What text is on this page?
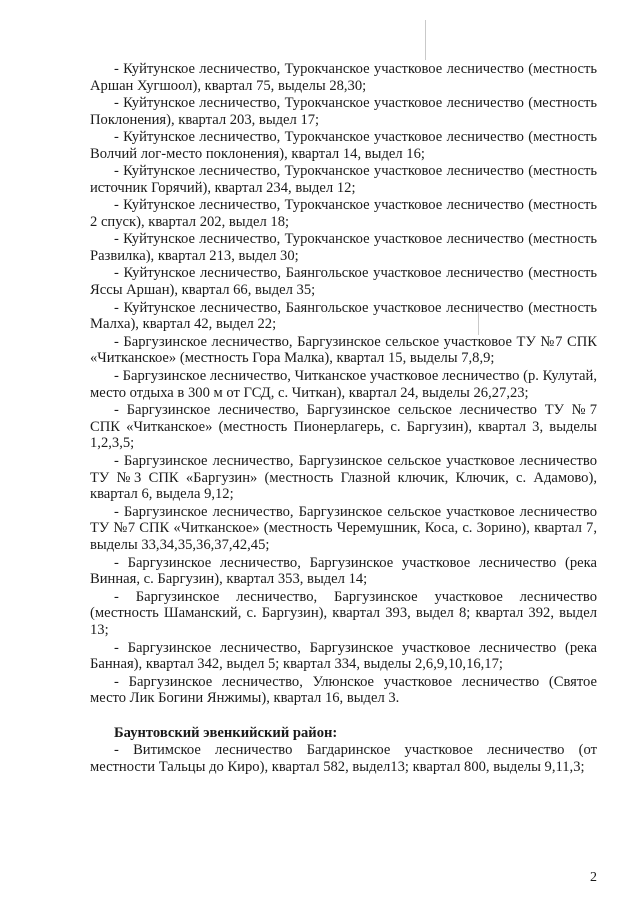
- Куйтунское лесничество, Турокчанское участковое лесничество (местность Аршан Хугшоол), квартал 75, выделы 28,30;

- Куйтунское лесничество, Турокчанское участковое лесничество (местность Поклонения), квартал 203, выдел 17;

- Куйтунское лесничество, Турокчанское участковое лесничество (местность Волчий лог-место поклонения), квартал 14, выдел 16;

- Куйтунское лесничество, Турокчанское участковое лесничество (местность источник Горячий), квартал 234, выдел 12;

- Куйтунское лесничество, Турокчанское участковое лесничество (местность 2 спуск), квартал 202, выдел 18;

- Куйтунское лесничество, Турокчанское участковое лесничество (местность Развилка), квартал 213, выдел 30;

- Куйтунское лесничество, Баянгольское участковое лесничество (местность Яссы Аршан), квартал 66, выдел 35;

- Куйтунское лесничество, Баянгольское участковое лесничество (местность Малха), квартал 42, выдел 22;

- Баргузинское лесничество, Баргузинское сельское участковое ТУ №7 СПК «Читканское» (местность Гора Малка), квартал 15, выделы 7,8,9;

- Баргузинское лесничество, Читканское участковое лесничество (р. Кулутай, место отдыха в 300 м от ГСД, с. Читкан), квартал 24, выделы 26,27,23;

- Баргузинское лесничество, Баргузинское сельское лесничество ТУ №7 СПК «Читканское» (местность Пионерлагерь, с. Баргузин), квартал 3, выделы 1,2,3,5;

- Баргузинское лесничество, Баргузинское сельское участковое лесничество ТУ №3 СПК «Баргузин» (местность Глазной ключик, Ключик, с. Адамово), квартал 6, выдела 9,12;

- Баргузинское лесничество, Баргузинское сельское участковое лесничество ТУ №7 СПК «Читканское» (местность Черемушник, Коса, с. Зорино), квартал 7, выделы 33,34,35,36,37,42,45;

- Баргузинское лесничество, Баргузинское участковое лесничество (река Винная, с. Баргузин), квартал 353, выдел 14;

- Баргузинское лесничество, Баргузинское участковое лесничество (местность Шаманский, с. Баргузин), квартал 393, выдел 8; квартал 392, выдел 13;

- Баргузинское лесничество, Баргузинское участковое лесничество (река Банная), квартал 342, выдел 5; квартал 334, выделы 2,6,9,10,16,17;

- Баргузинское лесничество, Улюнское участковое лесничество (Святое место Лик Богини Янжимы), квартал 16, выдел 3.

Баунтовский эвенкийский район:

- Витимское лесничество Багдаринское участковое лесничество (от местности Тальцы до Киро), квартал 582, выдел13; квартал 800, выделы 9,11,3;

2
